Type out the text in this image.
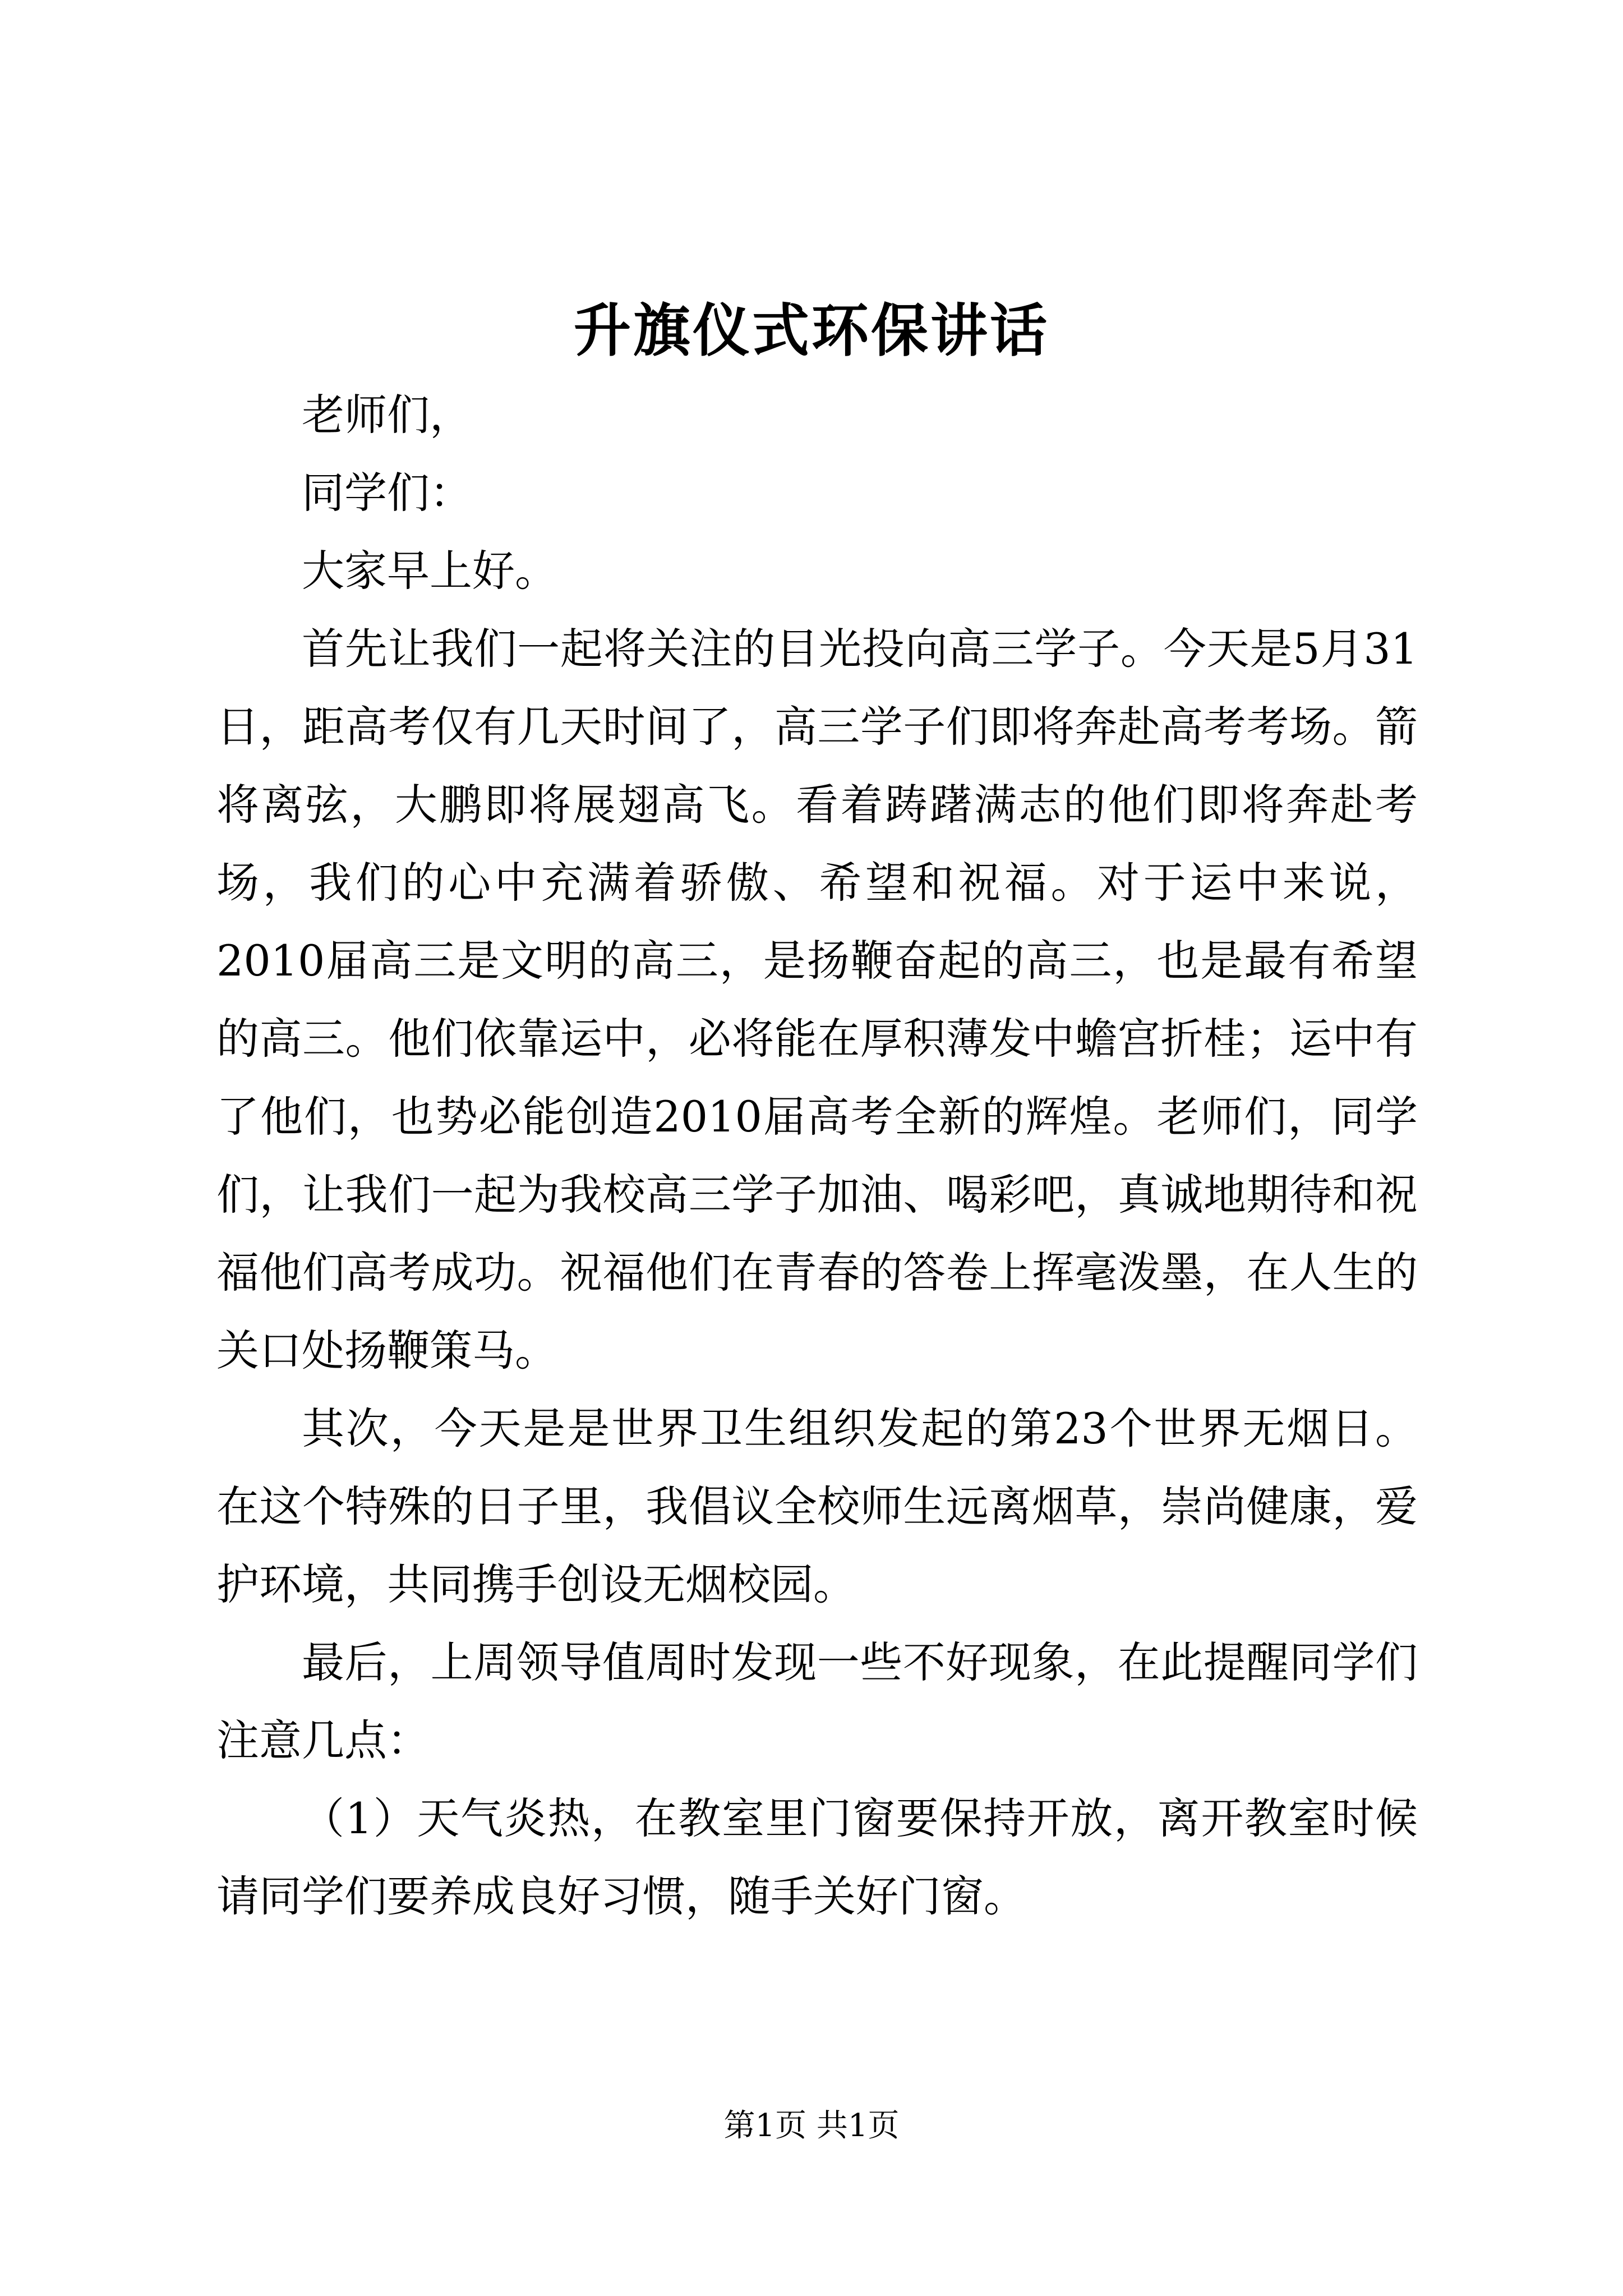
升旗仪式环保讲话

老师们，

同学们：

大家早上好。

首先让我们一起将关注的目光投向高三学子。今天是5月31日，距高考仅有几天时间了，高三学子们即将奔赴高考考场。箭将离弦，大鹏即将展翅高飞。看着踌躇满志的他们即将奔赴考场，我们的心中充满着骄傲、希望和祝福。对于运中来说，2010届高三是文明的高三，是扬鞭奋起的高三，也是最有希望的高三。他们依靠运中，必将能在厚积薄发中蟾宫折桂；运中有了他们，也势必能创造2010届高考全新的辉煌。老师们，同学们，让我们一起为我校高三学子加油、喝彩吧，真诚地期待和祝福他们高考成功。祝福他们在青春的答卷上挥毫泼墨，在人生的关口处扬鞭策马。

其次，今天是是世界卫生组织发起的第23个世界无烟日。在这个特殊的日子里，我倡议全校师生远离烟草，崇尚健康，爱护环境，共同携手创设无烟校园。

最后，上周领导值周时发现一些不好现象，在此提醒同学们注意几点：

（1）天气炎热，在教室里门窗要保持开放，离开教室时候请同学们要养成良好习惯，随手关好门窗。

第1页 共1页
